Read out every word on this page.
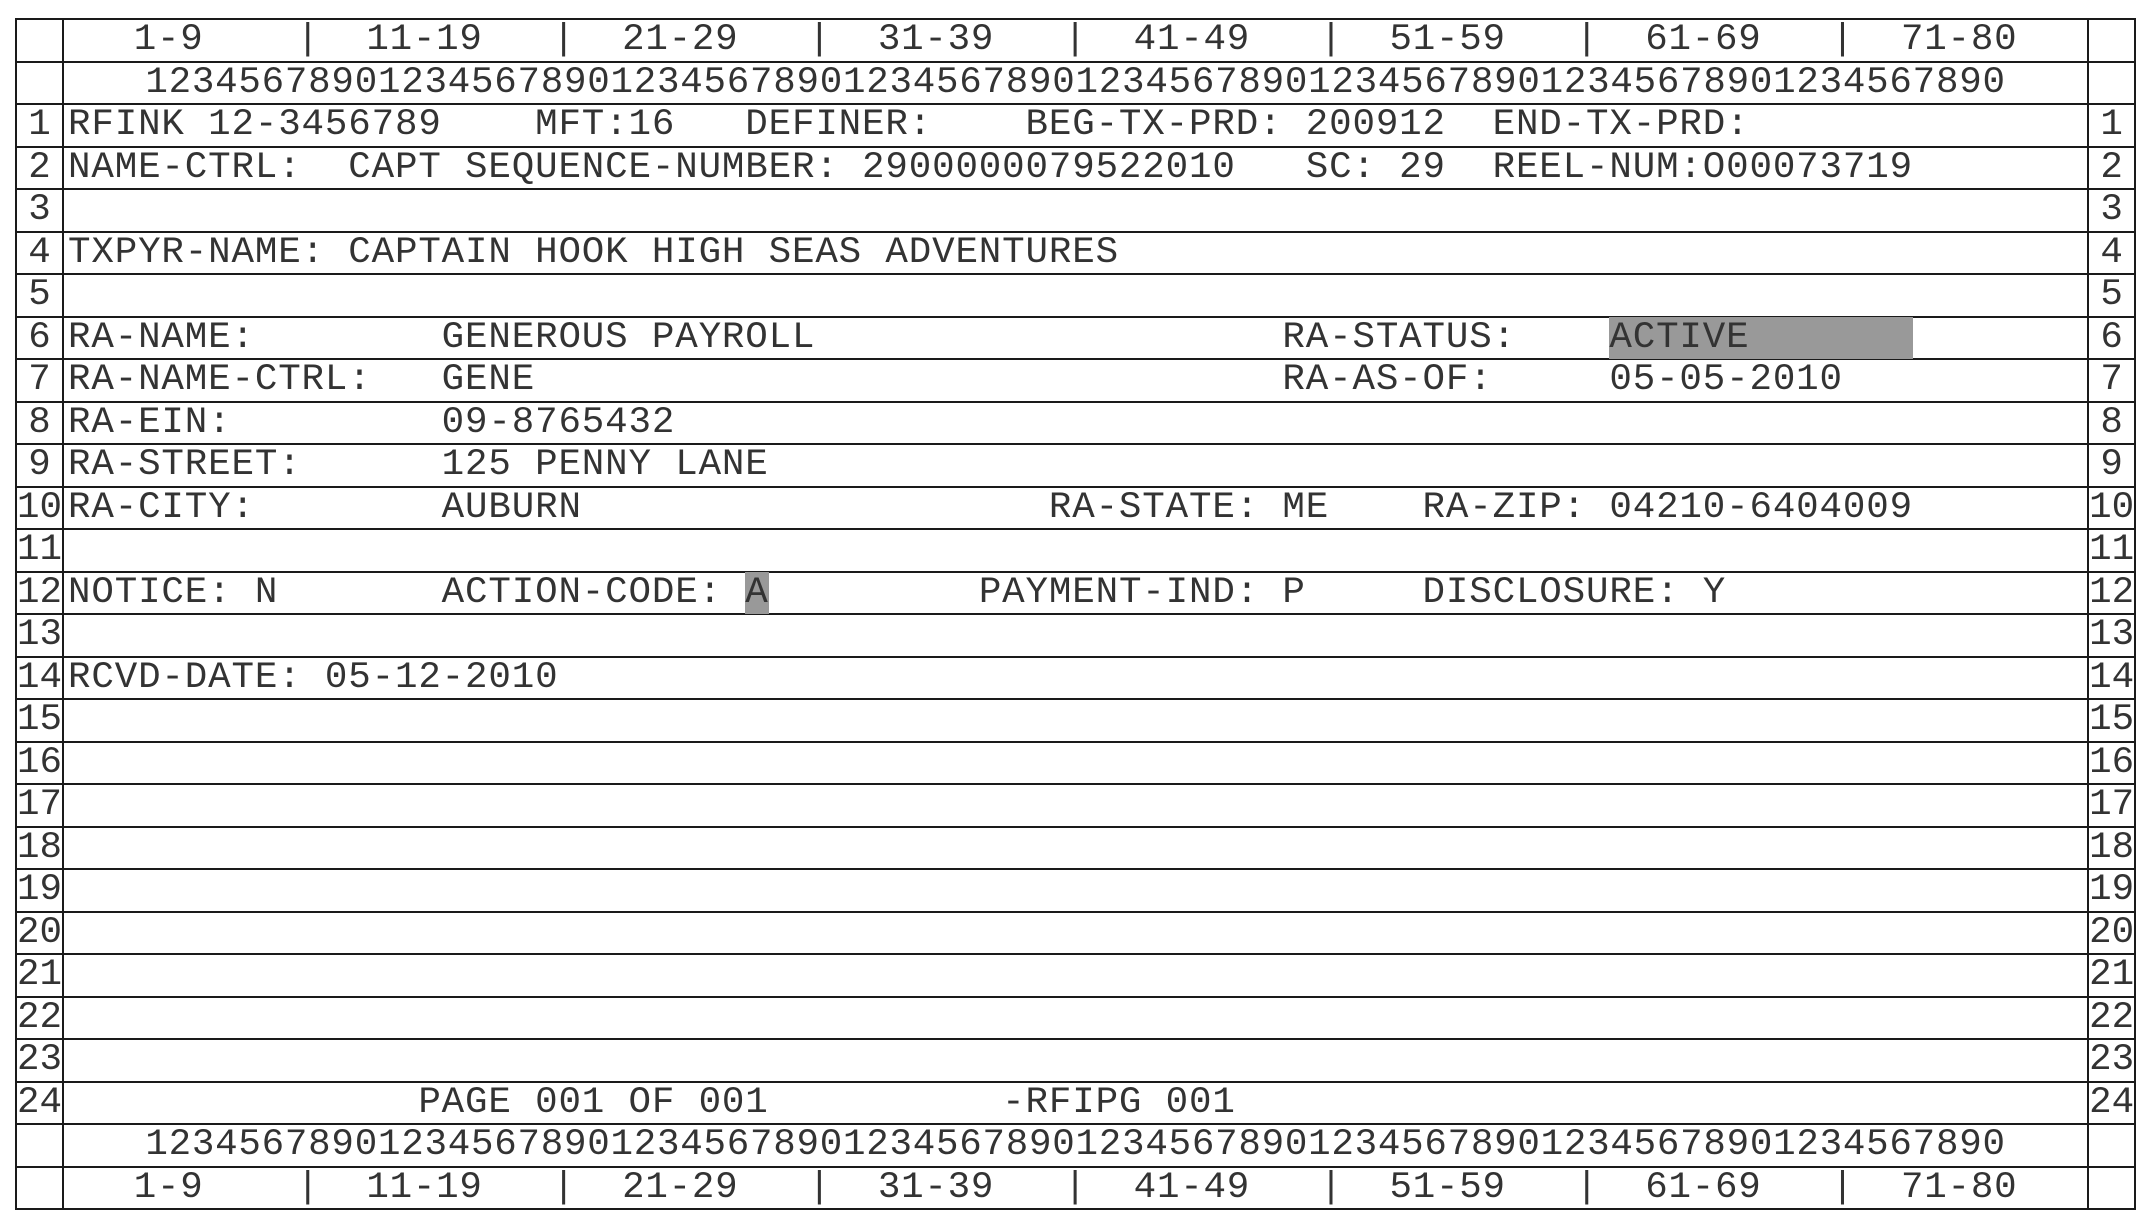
	1-9    |  11-19   |  21-29   |  31-39   |  41-49   |  51-59   |  61-69   |  71-80	
	12345678901234567890123456789012345678901234567890123456789012345678901234567890	
1	RFINK 12-3456789    MFT:16   DEFINER:    BEG-TX-PRD: 200912  END-TX-PRD:	1
2	NAME-CTRL:  CAPT SEQUENCE-NUMBER: 2900000079522010   SC: 29  REEL-NUM:O00073719	2
3		3
4	TXPYR-NAME: CAPTAIN HOOK HIGH SEAS ADVENTURES	4
5		5
6	RA-NAME:        GENEROUS PAYROLL                    RA-STATUS:    ACTIVE	6
7	RA-NAME-CTRL:   GENE                                RA-AS-OF:     05-05-2010	7
8	RA-EIN:         09-8765432	8
9	RA-STREET:      125 PENNY LANE	9
10	RA-CITY:        AUBURN                    RA-STATE: ME    RA-ZIP: 04210-6404009	10
11		11
12	NOTICE: N       ACTION-CODE: A         PAYMENT-IND: P     DISCLOSURE: Y	12
13		13
14	RCVD-DATE: 05-12-2010	14
15		15
16		16
17		17
18		18
19		19
20		20
21		21
22		22
23		23
24	PAGE 001 OF 001          -RFIPG 001	24
	12345678901234567890123456789012345678901234567890123456789012345678901234567890	
	1-9    |  11-19   |  21-29   |  31-39   |  41-49   |  51-59   |  61-69   |  71-80	
